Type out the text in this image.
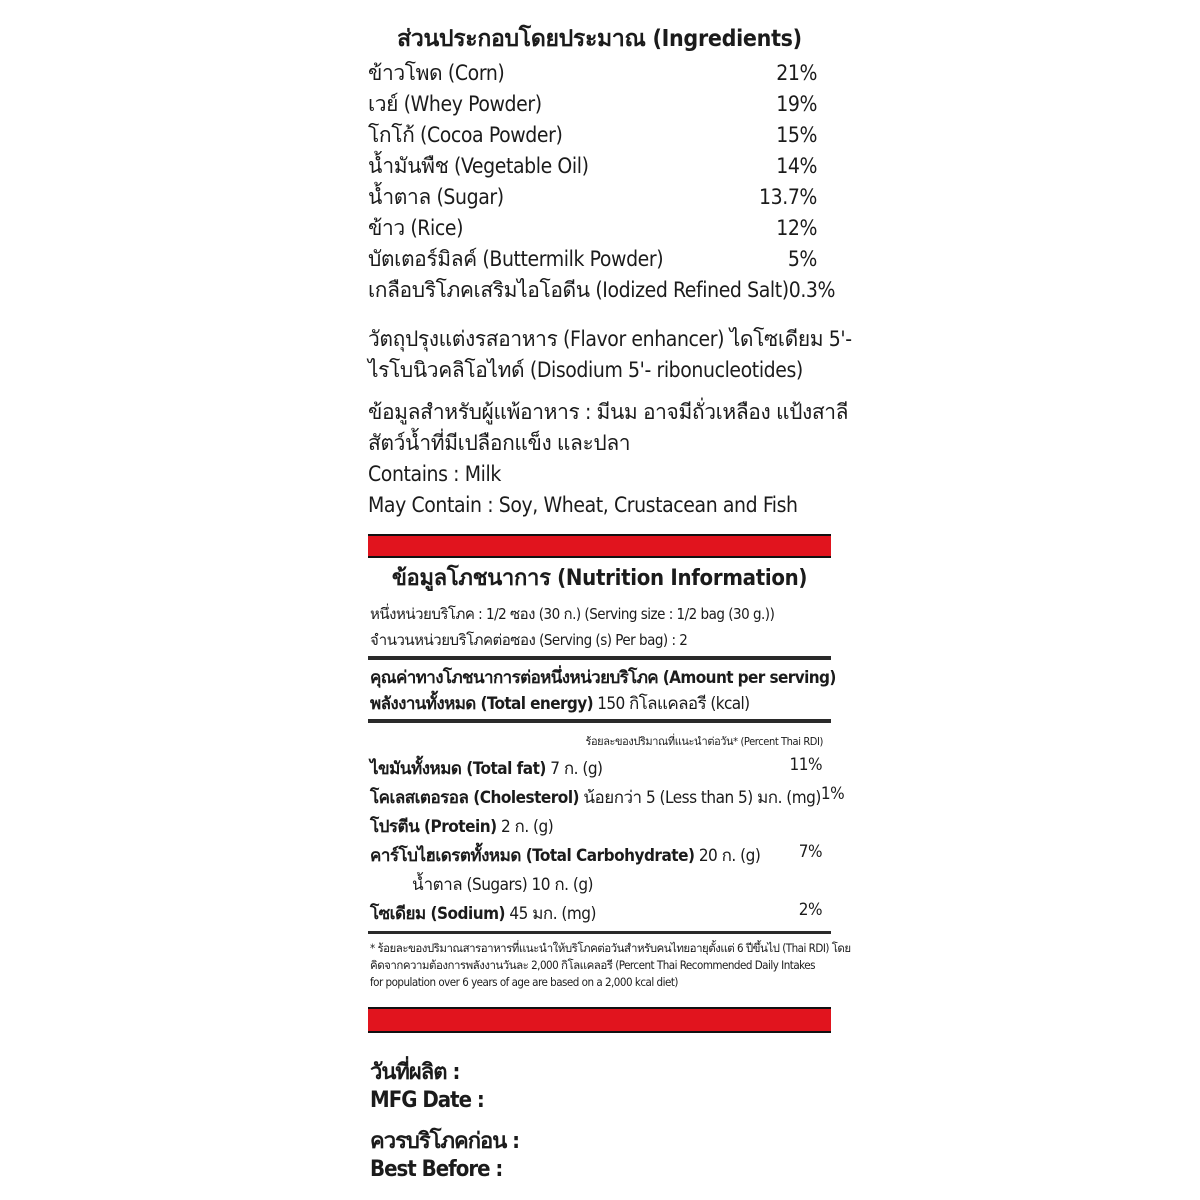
ส่วนประกอบโดยประมาณ (Ingredients)
ข้าวโพด (Corn)	21%
เวย์ (Whey Powder)	19%
โกโก้ (Cocoa Powder)	15%
น้ำมันพืช (Vegetable Oil)	14%
น้ำตาล (Sugar)	13.7%
ข้าว (Rice)	12%
บัตเตอร์มิลค์ (Buttermilk Powder)	5%
เกลือบริโภคเสริมไอโอดีน (Iodized Refined Salt) 0.3%
วัตถุปรุงแต่งรสอาหาร (Flavor enhancer) ไดโซเดียม 5'-
ไรโบนิวคลิโอไทด์ (Disodium 5'- ribonucleotides)
ข้อมูลสำหรับผู้แพ้อาหาร : มีนม อาจมีถั่วเหลือง แป้งสาลี
สัตว์น้ำที่มีเปลือกแข็ง และปลา
Contains : Milk
May Contain : Soy, Wheat, Crustacean and Fish
ข้อมูลโภชนาการ (Nutrition Information)
หนึ่งหน่วยบริโภค : 1/2 ซอง (30 ก.) (Serving size : 1/2 bag (30 g.))
จำนวนหน่วยบริโภคต่อซอง (Serving (s) Per bag) : 2
คุณค่าทางโภชนาการต่อหนึ่งหน่วยบริโภค (Amount per serving)
พลังงานทั้งหมด (Total energy) 150 กิโลแคลอรี (kcal)
ร้อยละของปริมาณที่แนะนำต่อวัน* (Percent Thai RDI)
ไขมันทั้งหมด (Total fat) 7 ก. (g)	11%
โคเลสเตอรอล (Cholesterol) น้อยกว่า 5 (Less than 5) มก. (mg) 1%
โปรตีน (Protein) 2 ก. (g)
คาร์โบไฮเดรตทั้งหมด (Total Carbohydrate) 20 ก. (g) 7%
น้ำตาล (Sugars) 10 ก. (g)
โซเดียม (Sodium) 45 มก. (mg)	2%
* ร้อยละของปริมาณสารอาหารที่แนะนำให้บริโภคต่อวันสำหรับคนไทยอายุตั้งแต่ 6 ปีขึ้นไป (Thai RDI) โดย
คิดจากความต้องการพลังงานวันละ 2,000 กิโลแคลอรี (Percent Thai Recommended Daily Intakes
for population over 6 years of age are based on a 2,000 kcal diet)
วันที่ผลิต :
MFG Date :
ควรบริโภคก่อน :
Best Before :
